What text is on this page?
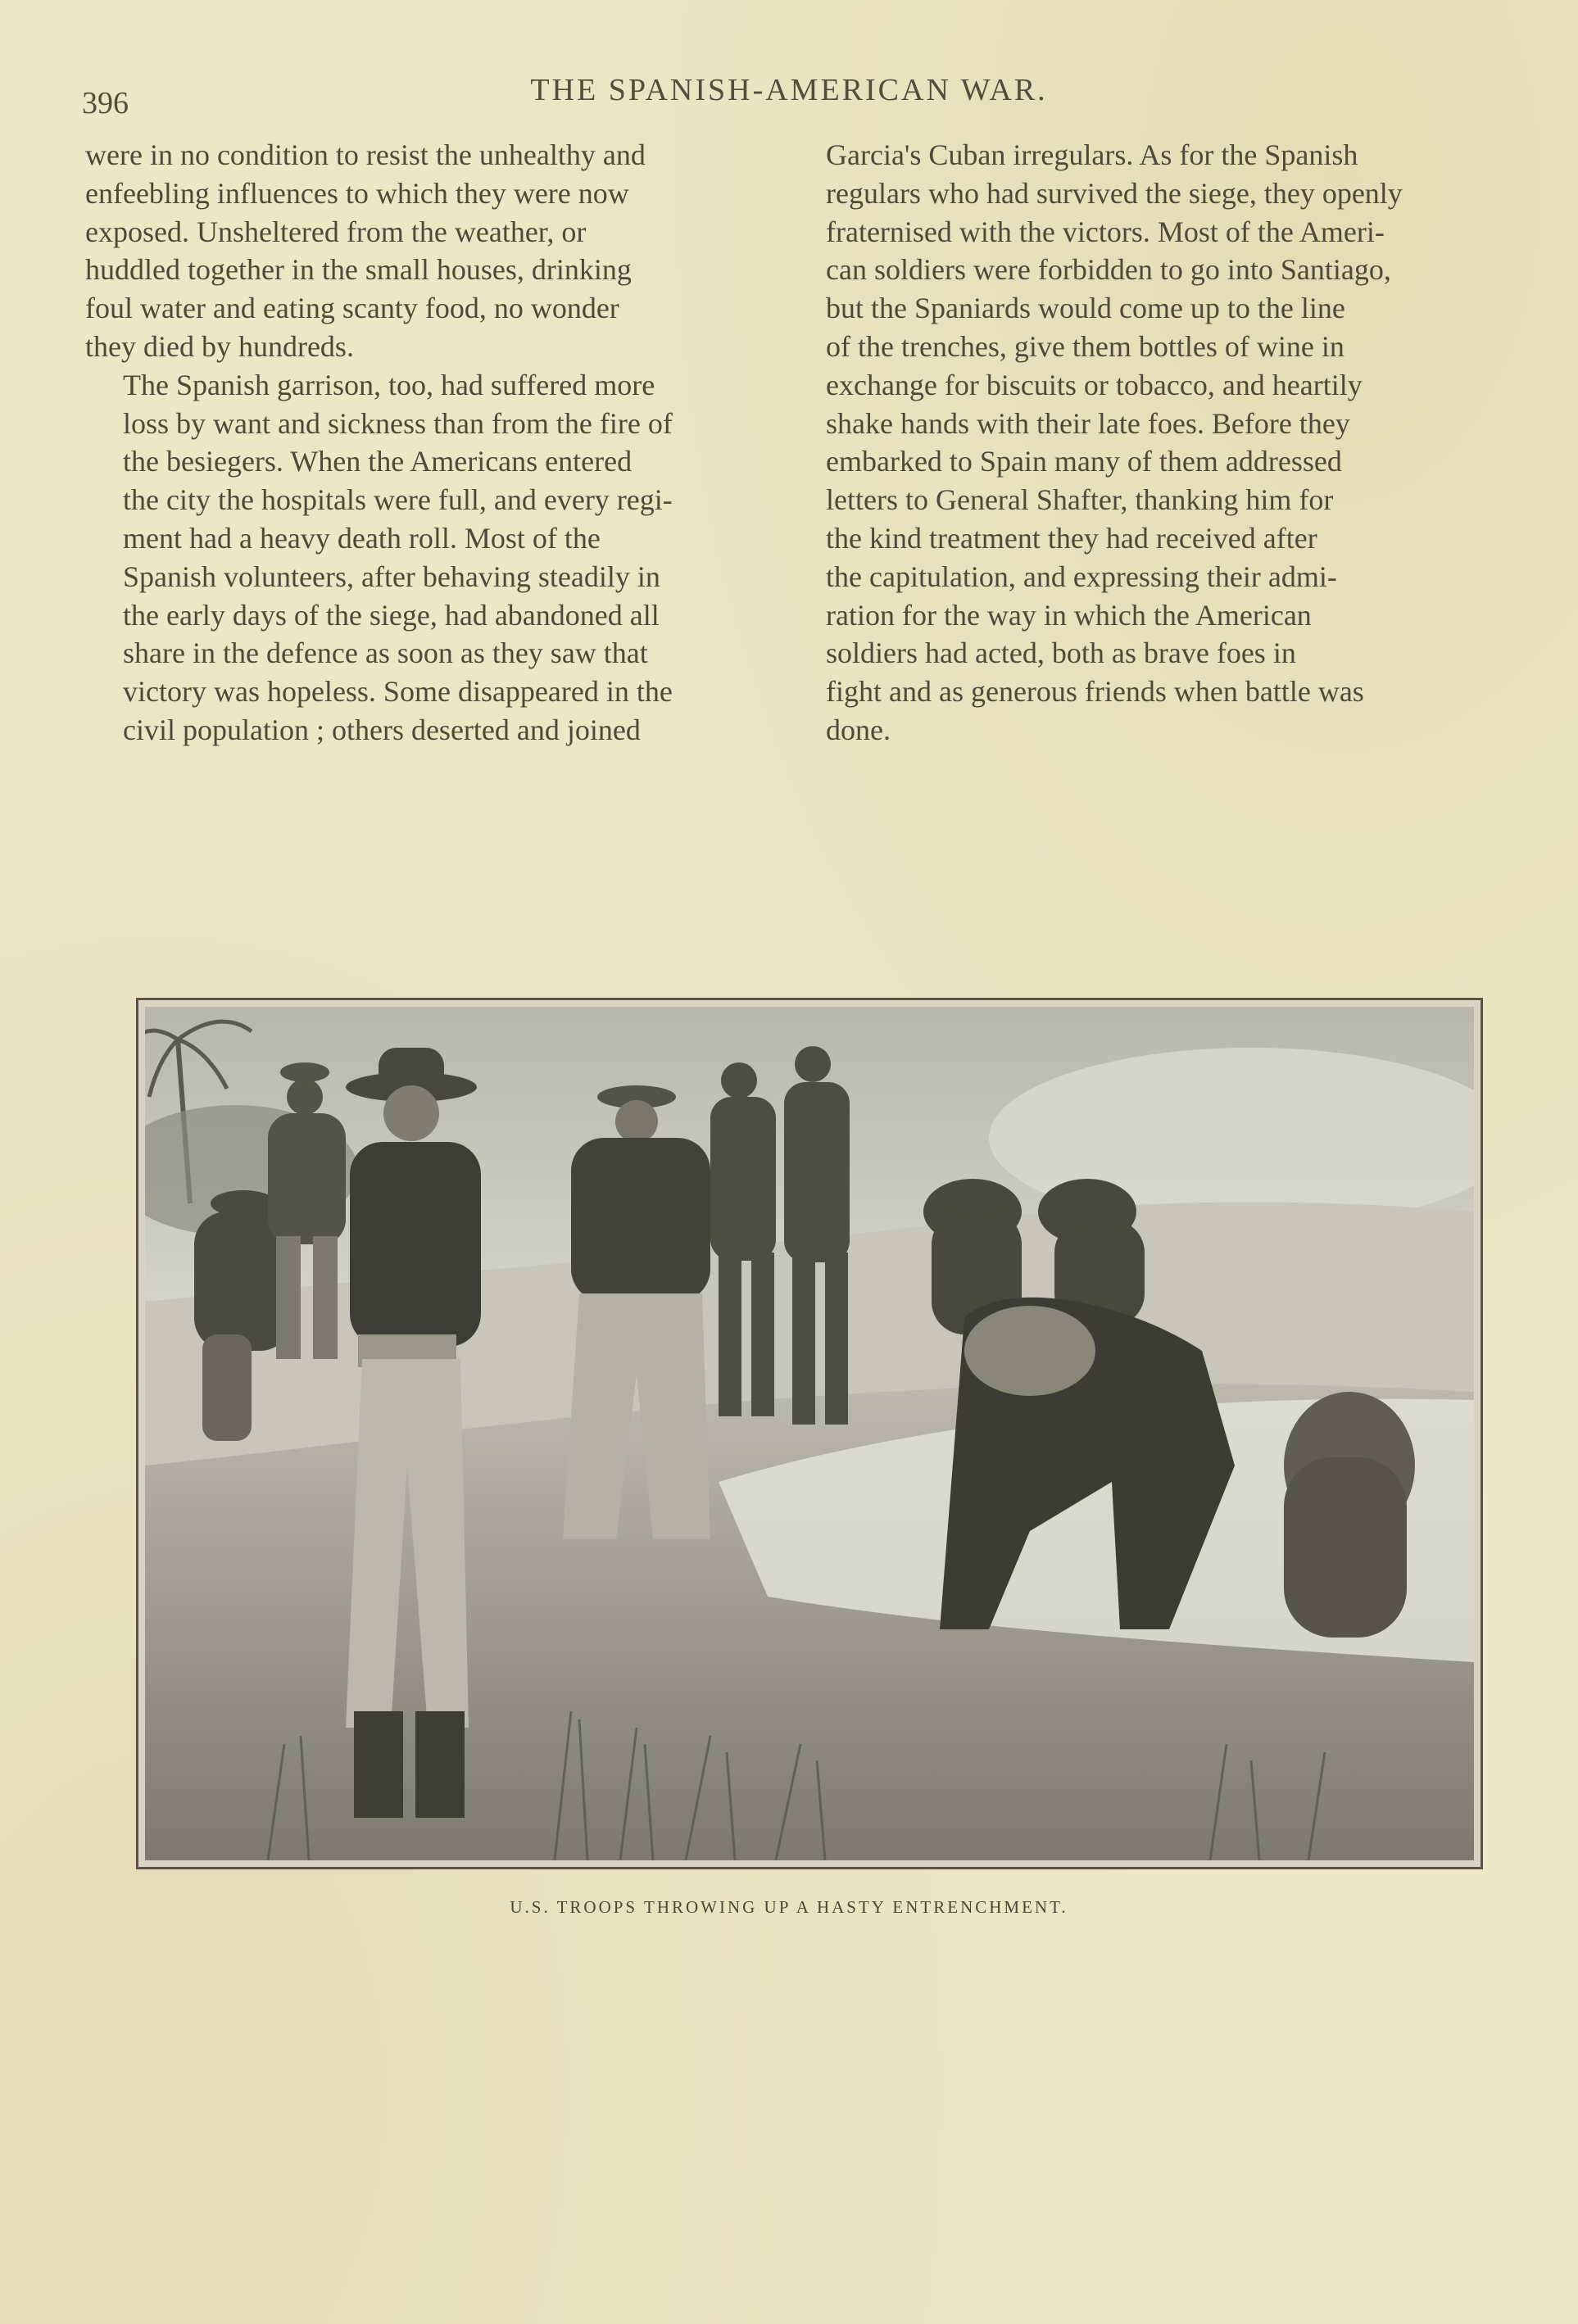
396	THE SPANISH-AMERICAN WAR.

were in no condition to resist the unhealthy and
enfeebling influences to which they were now
exposed. Unsheltered from the weather, or
huddled together in the small houses, drinking
foul water and eating scanty food, no wonder
they died by hundreds.

The Spanish garrison, too, had suffered more
loss by want and sickness than from the fire of
the besiegers. When the Americans entered
the city the hospitals were full, and every regi-
ment had a heavy death roll. Most of the
Spanish volunteers, after behaving steadily in
the early days of the siege, had abandoned all
share in the defence as soon as they saw that
victory was hopeless. Some disappeared in the
civil population ; others deserted and joined

Garcia's Cuban irregulars. As for the Spanish
regulars who had survived the siege, they openly
fraternised with the victors. Most of the Ameri-
can soldiers were forbidden to go into Santiago,
but the Spaniards would come up to the line
of the trenches, give them bottles of wine in
exchange for biscuits or tobacco, and heartily
shake hands with their late foes. Before they
embarked to Spain many of them addressed
letters to General Shafter, thanking him for
the kind treatment they had received after
the capitulation, and expressing their admi-
ration for the way in which the American
soldiers had acted, both as brave foes in
fight and as generous friends when battle was
done.

U.S. TROOPS THROWING UP A HASTY ENTRENCHMENT.
